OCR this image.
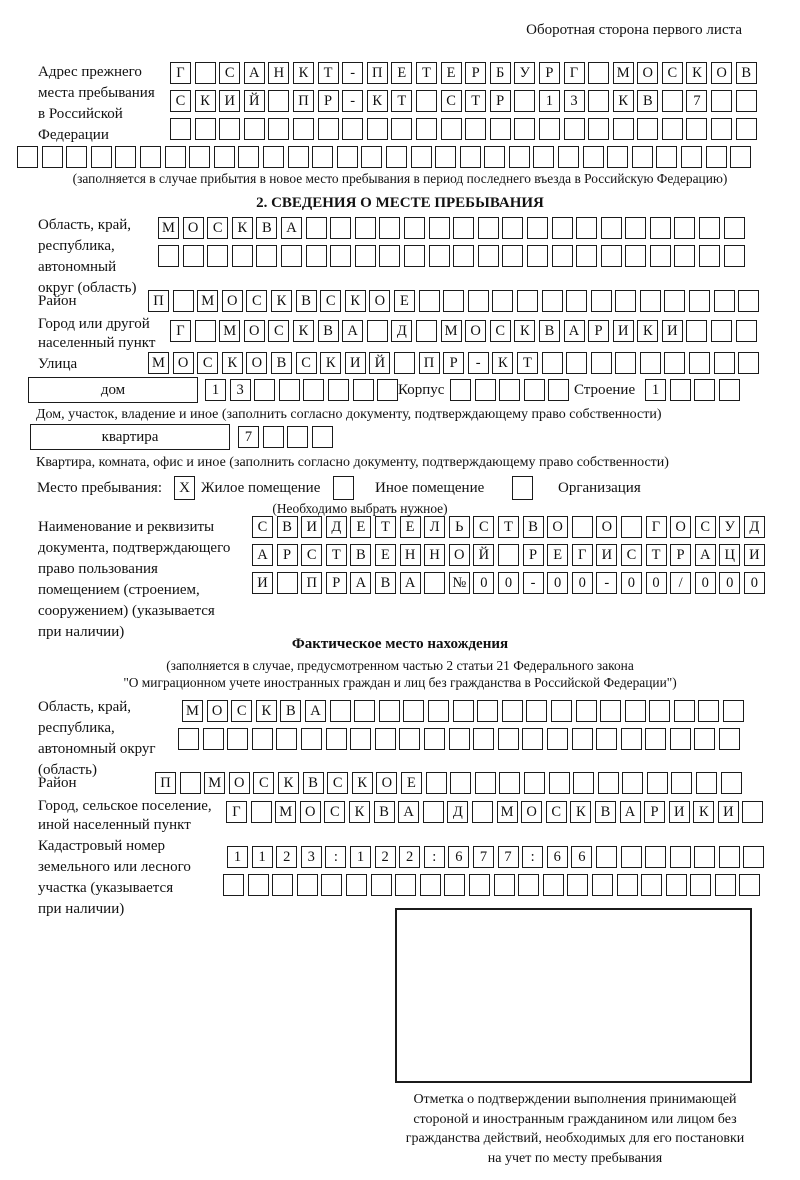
Оборотная сторона первого листа
Адрес прежнего
места пребывания
в Российской
Федерации
Г	С	А Н	К	Т	-	П	Е	Т	Е	Р	Б	У	Р	Г	М О	С	К	О	В
С	К	И Й	П	Р	-	К	Т	С	Т	Р	1	3	К	В	7
(заполняется в случае прибытия в новое место пребывания в период последнего въезда в Российскую Федерацию)
2. СВЕДЕНИЯ О МЕСТЕ ПРЕБЫВАНИЯ
Область, край,
республика,
автономный
округ (область)
М О	С	К	В	А
Район	П	М О	С	К	В	С	К	О	Е
Город или другой
населенный пункт
Г	М О	С	К	В	А	Д	М О	С	К	В	А	Р	И	К	И
Улица	М О	С	К	О	В	С	К	И Й	П	Р	-	К	Т
дом	1	3	Корпус	Строение	1
Дом, участок, владение и иное (заполнить согласно документу, подтверждающему право собственности)
квартира	7
Квартира, комната, офис и иное (заполнить согласно документу, подтверждающему право собственности)
Место пребывания: X Жилое помещение	Иное помещение	Организация
(Необходимо выбрать нужное)
Наименование и реквизиты
документа, подтверждающего
право пользования
помещением (строением,
сооружением) (указывается
при наличии)
С	В	И Д	Е	Т	Е	Л	Ь	С	Т	В	О	О	Г	О	С	У	Д
А	Р	С	Т	В	Е	Н Н О Й	Р	Е	Г	И	С	Т	Р	А Ц И
И	П	Р	А	В	А	№ 0	0	-	0	0	-	0	0	/	0	0	0
Фактическое место нахождения
(заполняется в случае, предусмотренном частью 2 статьи 21 Федерального закона
"О миграционном учете иностранных граждан и лиц без гражданства в Российской Федерации")
Область, край,
республика,
автономный округ
(область)
М О	С	К	В	А
Район	П	М О	С	К	В	С	К	О	Е
Город, сельское поселение,
иной населенный пункт
Г	М О	С	К	В	А	Д	М О	С	К	В	А	Р	И	К	И
Кадастровый номер
земельного или лесного
участка (указывается
при наличии)
1	1	2	3	:	1	2	2	:	6	7	7	:	6	6
Отметка о подтверждении выполнения принимающей
стороной и иностранным гражданином или лицом без
гражданства действий, необходимых для его постановки
на учет по месту пребывания
